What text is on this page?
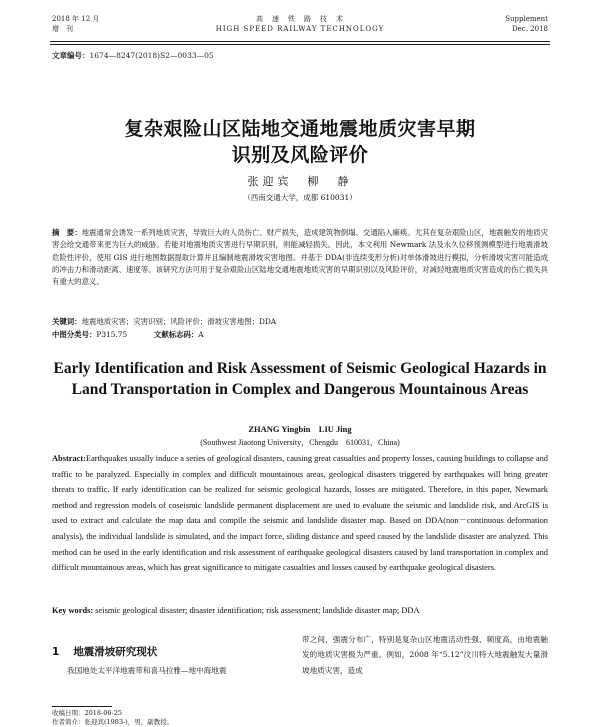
2018 年 12 月
增　刊
高　速　铁　路　技　术
HIGH SPEED RAILWAY TECHNOLOGY
Supplement
Dec. 2018
文章编号：1674—8247(2018)S2—0033—05
复杂艰险山区陆地交通地震地质灾害早期
识别及风险评价
张迎宾　柳　静
（西南交通大学，成都 610031）
摘　要：地震通常会诱发一系列地质灾害，导致巨大的人员伤亡、财产损失，造成建筑物倒塌、交通陷入瘫痪。尤其在复杂艰险山区，地震触发的地质灾害会给交通带来更为巨大的威胁。若能对地震地质灾害进行早期识别，则能减轻损失。因此，本文利用 Newmark 法及永久位移预测模型进行地震滑坡危险性评价，使用 GIS 进行地图数据提取计算并且编制地震滑坡灾害地图。并基于 DDA(非连续变形分析)对单体滑坡进行模拟，分析滑坡灾害可能造成的冲击力和滑动距离、速度等。该研究方法可用于复杂艰险山区陆地交通地震地质灾害的早期识别以及风险评价，对减轻地震地质灾害造成的伤亡损失具有重大的意义。
关键词：地震地质灾害；灾害识别；风险评价；滑坡灾害地图；DDA
中图分类号：P315.75	文献标志码：A
Early Identification and Risk Assessment of Seismic Geological Hazards in Land Transportation in Complex and Dangerous Mountainous Areas
ZHANG Yingbin　LIU Jing
(Southwest Jiaotong University，Chengdu　610031，China)
Abstract:Earthquakes usually induce a series of geological disasters, causing great casualties and property losses, causing buildings to collapse and traffic to be paralyzed. Especially in complex and difficult mountainous areas, geological disasters triggered by earthquakes will bring greater threats to traffic. If early identification can be realized for seismic geological hazards, losses are mitigated. Therefore, in this paper, Newmark method and regression models of coseismic landslide permanent displacement are used to evaluate the seismic and landslide risk, and ArcGIS is used to extract and calculate the map data and compile the seismic and landslide disaster map. Based on DDA(non－continuous deformation analysis), the individual landslide is simulated, and the impact force, sliding distance and speed caused by the landslide disaster are analyzed. This method can be used in the early identification and risk assessment of earthquake geological disasters caused by land transportation in complex and difficult mountainous areas, which has great significance to mitigate casualties and losses caused by earthquake geological disasters.
Key words: seismic geological disaster; disaster identification; risk assessment; landslide disaster map; DDA
1 地震滑坡研究现状
我国地处太平洋地震带和喜马拉雅—地中海地震
带之间，强震分布广，特别是复杂山区地震活动性强、频度高，由地震触发的地质灾害极为严重。例如，2008 年“5.12”汶川特大地震触发大量滑坡地质灾害，造成
收稿日期：2018-06-25
作者简介：张迎宾(1983-)，男，副教授。
